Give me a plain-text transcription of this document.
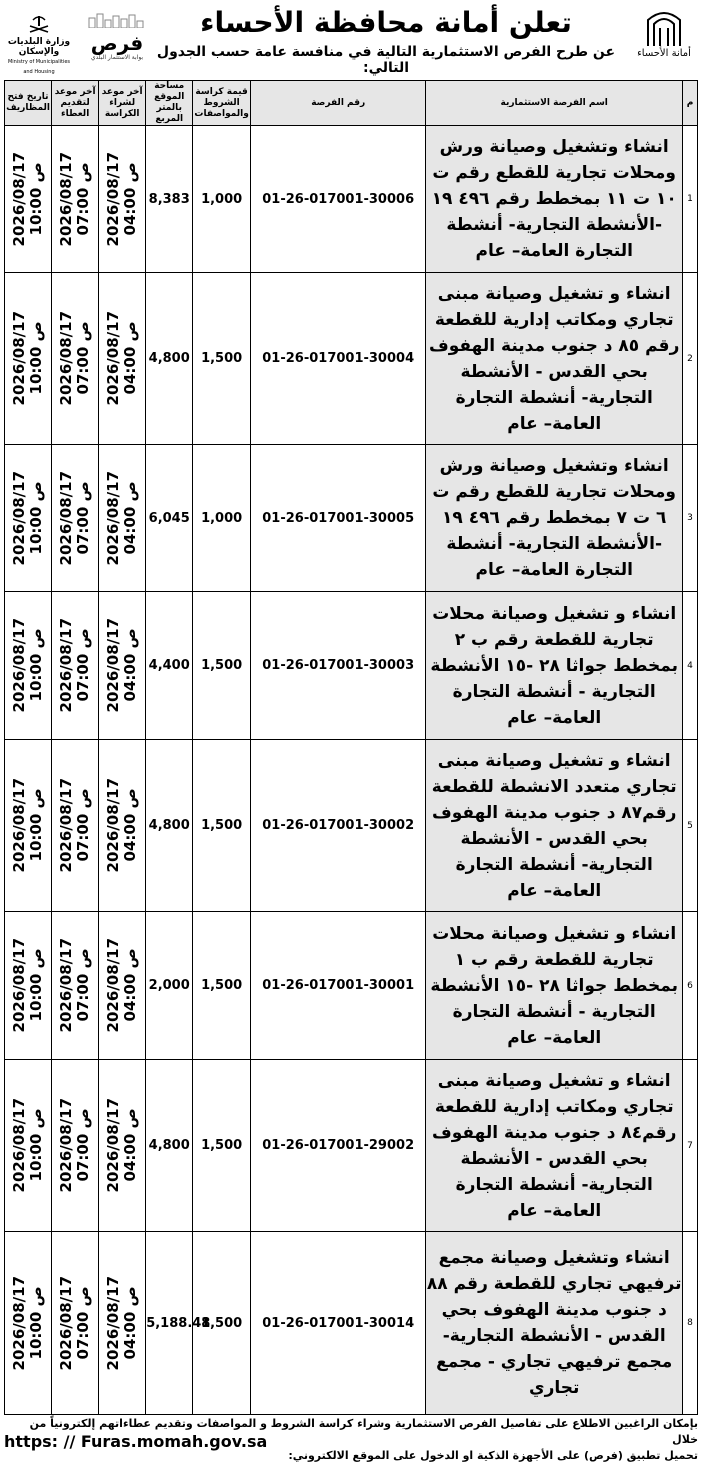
أمانة الأحساء
تعلن أمانة محافظة الأحساء
عن طرح الفرص الاستثمارية التالية في منافسة عامة حسب الجدول التالي:
فرص
بوابة الاستثمار البلدي
وزارة البلديات والإسكان
Ministry of Municipalities and Housing
م	اسم الفرصة الاستثمارية	رقم الفرصة	قيمة كراسة الشروط والمواصفات	مساحة الموقع بالمتر المربع	آخر موعد لشراء الكراسة	آخر موعد لتقديم العطاء	تاريخ فتح المظاريف
1	انشاء وتشغيل وصيانة ورش ومحلات تجارية للقطع رقم ت ١٠ ت ١١ بمخطط رقم ٤٩٦ ١٩ -الأنشطة التجارية- أنشطة التجارة العامة– عام	01-26-017001-30006	1,000	8,383	2026/08/17 04:00 ص	2026/08/17 07:00 ص	2026/08/17 10:00 ص

2	انشاء و تشغيل وصيانة مبنى تجاري ومكاتب إدارية للقطعة رقم ٨٥ د جنوب مدينة الهفوف بحي القدس - الأنشطة التجارية- أنشطة التجارة العامة– عام	01-26-017001-30004	1,500	4,800	2026/08/17 04:00 ص	2026/08/17 07:00 ص	2026/08/17 10:00 ص

3	انشاء وتشغيل وصيانة ورش ومحلات تجارية للقطع رقم ت ٦ ت ٧ بمخطط رقم ٤٩٦ ١٩ -الأنشطة التجارية- أنشطة التجارة العامة– عام	01-26-017001-30005	1,000	6,045	2026/08/17 04:00 ص	2026/08/17 07:00 ص	2026/08/17 10:00 ص

4	انشاء و تشغيل وصيانة محلات تجارية للقطعة رقم ب ٢ بمخطط جواثا ٢٨ -١٥ الأنشطة التجارية - أنشطة التجارة العامة– عام	01-26-017001-30003	1,500	4,400	2026/08/17 04:00 ص	2026/08/17 07:00 ص	2026/08/17 10:00 ص

5	انشاء و تشغيل وصيانة مبنى تجاري متعدد الانشطة للقطعة رقم٨٧ د جنوب مدينة الهفوف بحي القدس - الأنشطة التجارية- أنشطة التجارة العامة– عام	01-26-017001-30002	1,500	4,800	2026/08/17 04:00 ص	2026/08/17 07:00 ص	2026/08/17 10:00 ص

6	انشاء و تشغيل وصيانة محلات تجارية للقطعة رقم ب ١ بمخطط جواثا ٢٨ -١٥ الأنشطة التجارية - أنشطة التجارة العامة– عام	01-26-017001-30001	1,500	2,000	2026/08/17 04:00 ص	2026/08/17 07:00 ص	2026/08/17 10:00 ص

7	انشاء و تشغيل وصيانة مبنى تجاري ومكاتب إدارية للقطعة رقم٨٤ د جنوب مدينة الهفوف بحي القدس - الأنشطة التجارية- أنشطة التجارة العامة– عام	01-26-017001-29002	1,500	4,800	2026/08/17 04:00 ص	2026/08/17 07:00 ص	2026/08/17 10:00 ص

8	انشاء وتشغيل وصيانة مجمع ترفيهي تجاري للقطعة رقم ٨٨ د جنوب مدينة الهفوف بحي القدس - الأنشطة التجارية- مجمع ترفيهي تجاري - مجمع تجاري	01-26-017001-30014	1,500	5,188.48	2026/08/17 04:00 ص	2026/08/17 07:00 ص	2026/08/17 10:00 ص
بإمكان الراغبين الاطلاع على تفاصيل الفرص الاستثمارية وشراء كراسة الشروط و المواصفات وتقديم عطاءاتهم إلكترونياً من خلال
تحميل تطبيق (فرص) على الأجهزة الذكية او الدخول على الموقع الالكتروني:
https: // Furas.momah.gov.sa
